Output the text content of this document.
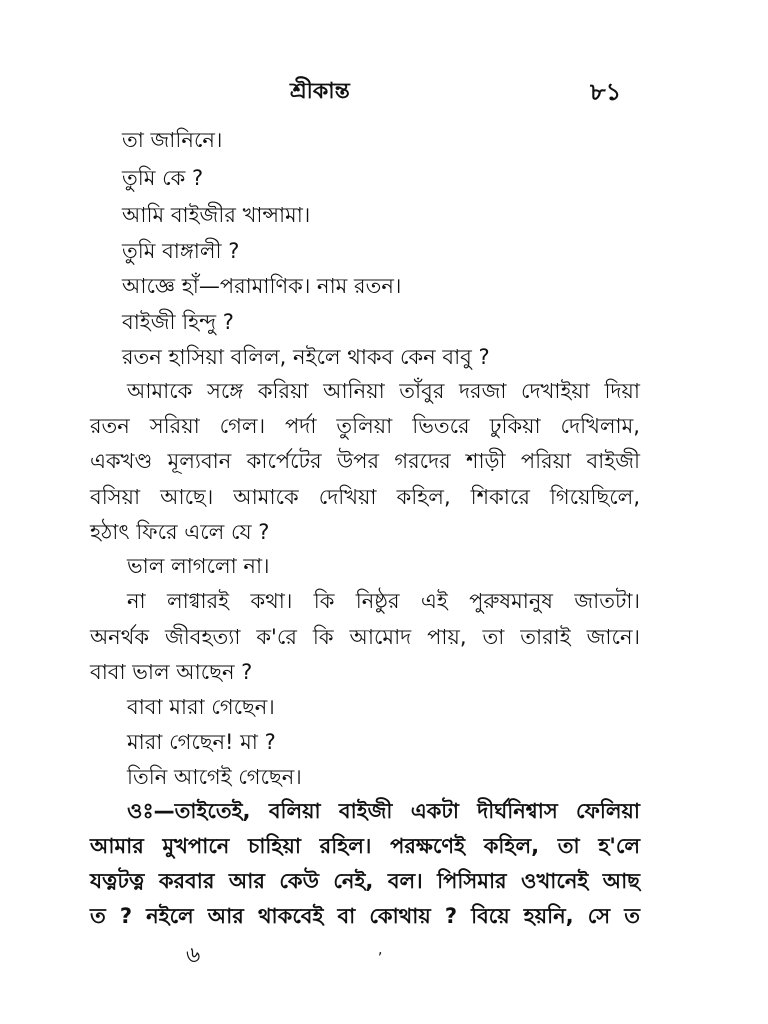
শ্রীকান্ত	৮১
তা জানিনে।
তুমি কে ?
আমি বাইজীর খান্সামা।
তুমি বাঙ্গালী ?
আজ্ঞে হাঁ—পরামাণিক। নাম রতন।
বাইজী হিন্দু ?
রতন হাসিয়া বলিল, নইলে থাকব কেন বাবু ?
আমাকে সঙ্গে করিয়া আনিয়া তাঁবুর দরজা দেখাইয়া দিয়া
রতন সরিয়া গেল। পর্দা তুলিয়া ভিতরে ঢুকিয়া দেখিলাম,
একখণ্ড মূল্যবান কার্পেটের উপর গরদের শাড়ী পরিয়া বাইজী
বসিয়া আছে। আমাকে দেখিয়া কহিল, শিকারে গিয়েছিলে,
হঠাৎ ফিরে এলে যে ?
ভাল লাগলো না।
না লাগ্বারই কথা। কি নিষ্ঠুর এই পুরুষমানুষ জাতটা।
অনর্থক জীবহত্যা ক'রে কি আমোদ পায়, তা তারাই জানে।
বাবা ভাল আছেন ?
বাবা মারা গেছেন।
মারা গেছেন! মা ?
তিনি আগেই গেছেন।
ওঃ—তাইতেই, বলিয়া বাইজী একটা দীর্ঘনিশ্বাস ফেলিয়া
আমার মুখপানে চাহিয়া রহিল। পরক্ষণেই কহিল, তা হ'লে
যত্নটত্ন করবার আর কেউ নেই, বল। পিসিমার ওখানেই আছ
ত ? নইলে আর থাকবেই বা কোথায় ? বিয়ে হয়নি, সে ত
৬	,
